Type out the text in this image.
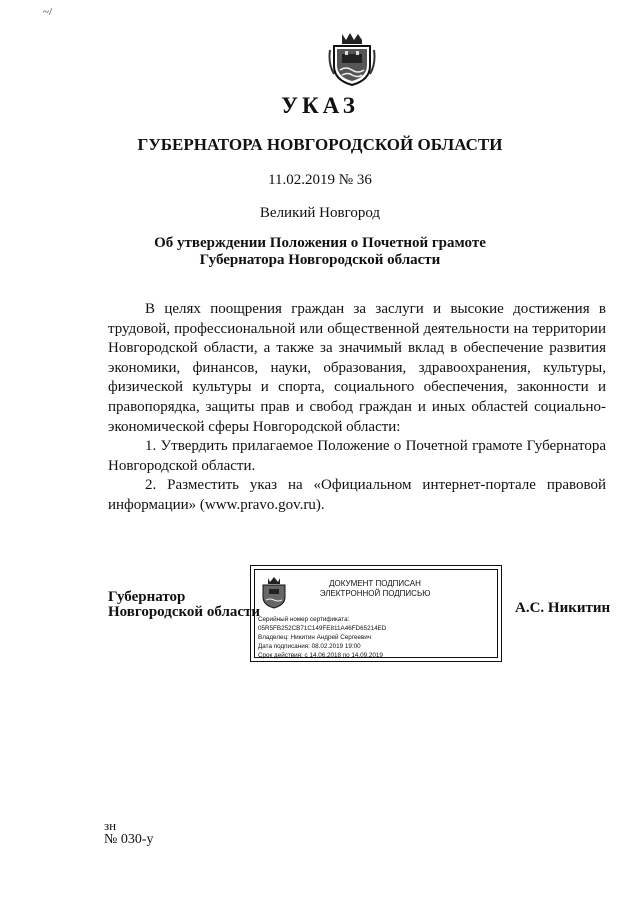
~/
УКАЗ
ГУБЕРНАТОРА НОВГОРОДСКОЙ ОБЛАСТИ
11.02.2019 № 36
Великий Новгород
Об утверждении Положения о Почетной грамоте
Губернатора Новгородской области

В целях поощрения граждан за заслуги и высокие достижения в трудовой, профессиональной или общественной деятельности на территории Новгородской области, а также за значимый вклад в обеспечение развития экономики, финансов, науки, образования, здравоохранения, культуры, физической культуры и спорта, социального обеспечения, законности и правопорядка, защиты прав и свобод граждан и иных областей социально-экономической сферы Новгородской области:

1. Утвердить прилагаемое Положение о Почетной грамоте Губернатора Новгородской области.

2. Разместить указ на «Официальном интернет-портале правовой информации» (www.pravo.gov.ru).

Губернатор
Новгородской области
ДОКУМЕНТ ПОДПИСАН
ЭЛЕКТРОННОЙ ПОДПИСЬЮ
Серийный номер сертификата:
05R5FB252CB71C149FE811A46FD65214ED
Владелец: Никитин Андрей Сергеевич
Дата подписания: 08.02.2019 19:00
Срок действия: с 14.06.2018 по 14.09.2019
А.С. Никитин
зн
№ 030-у
